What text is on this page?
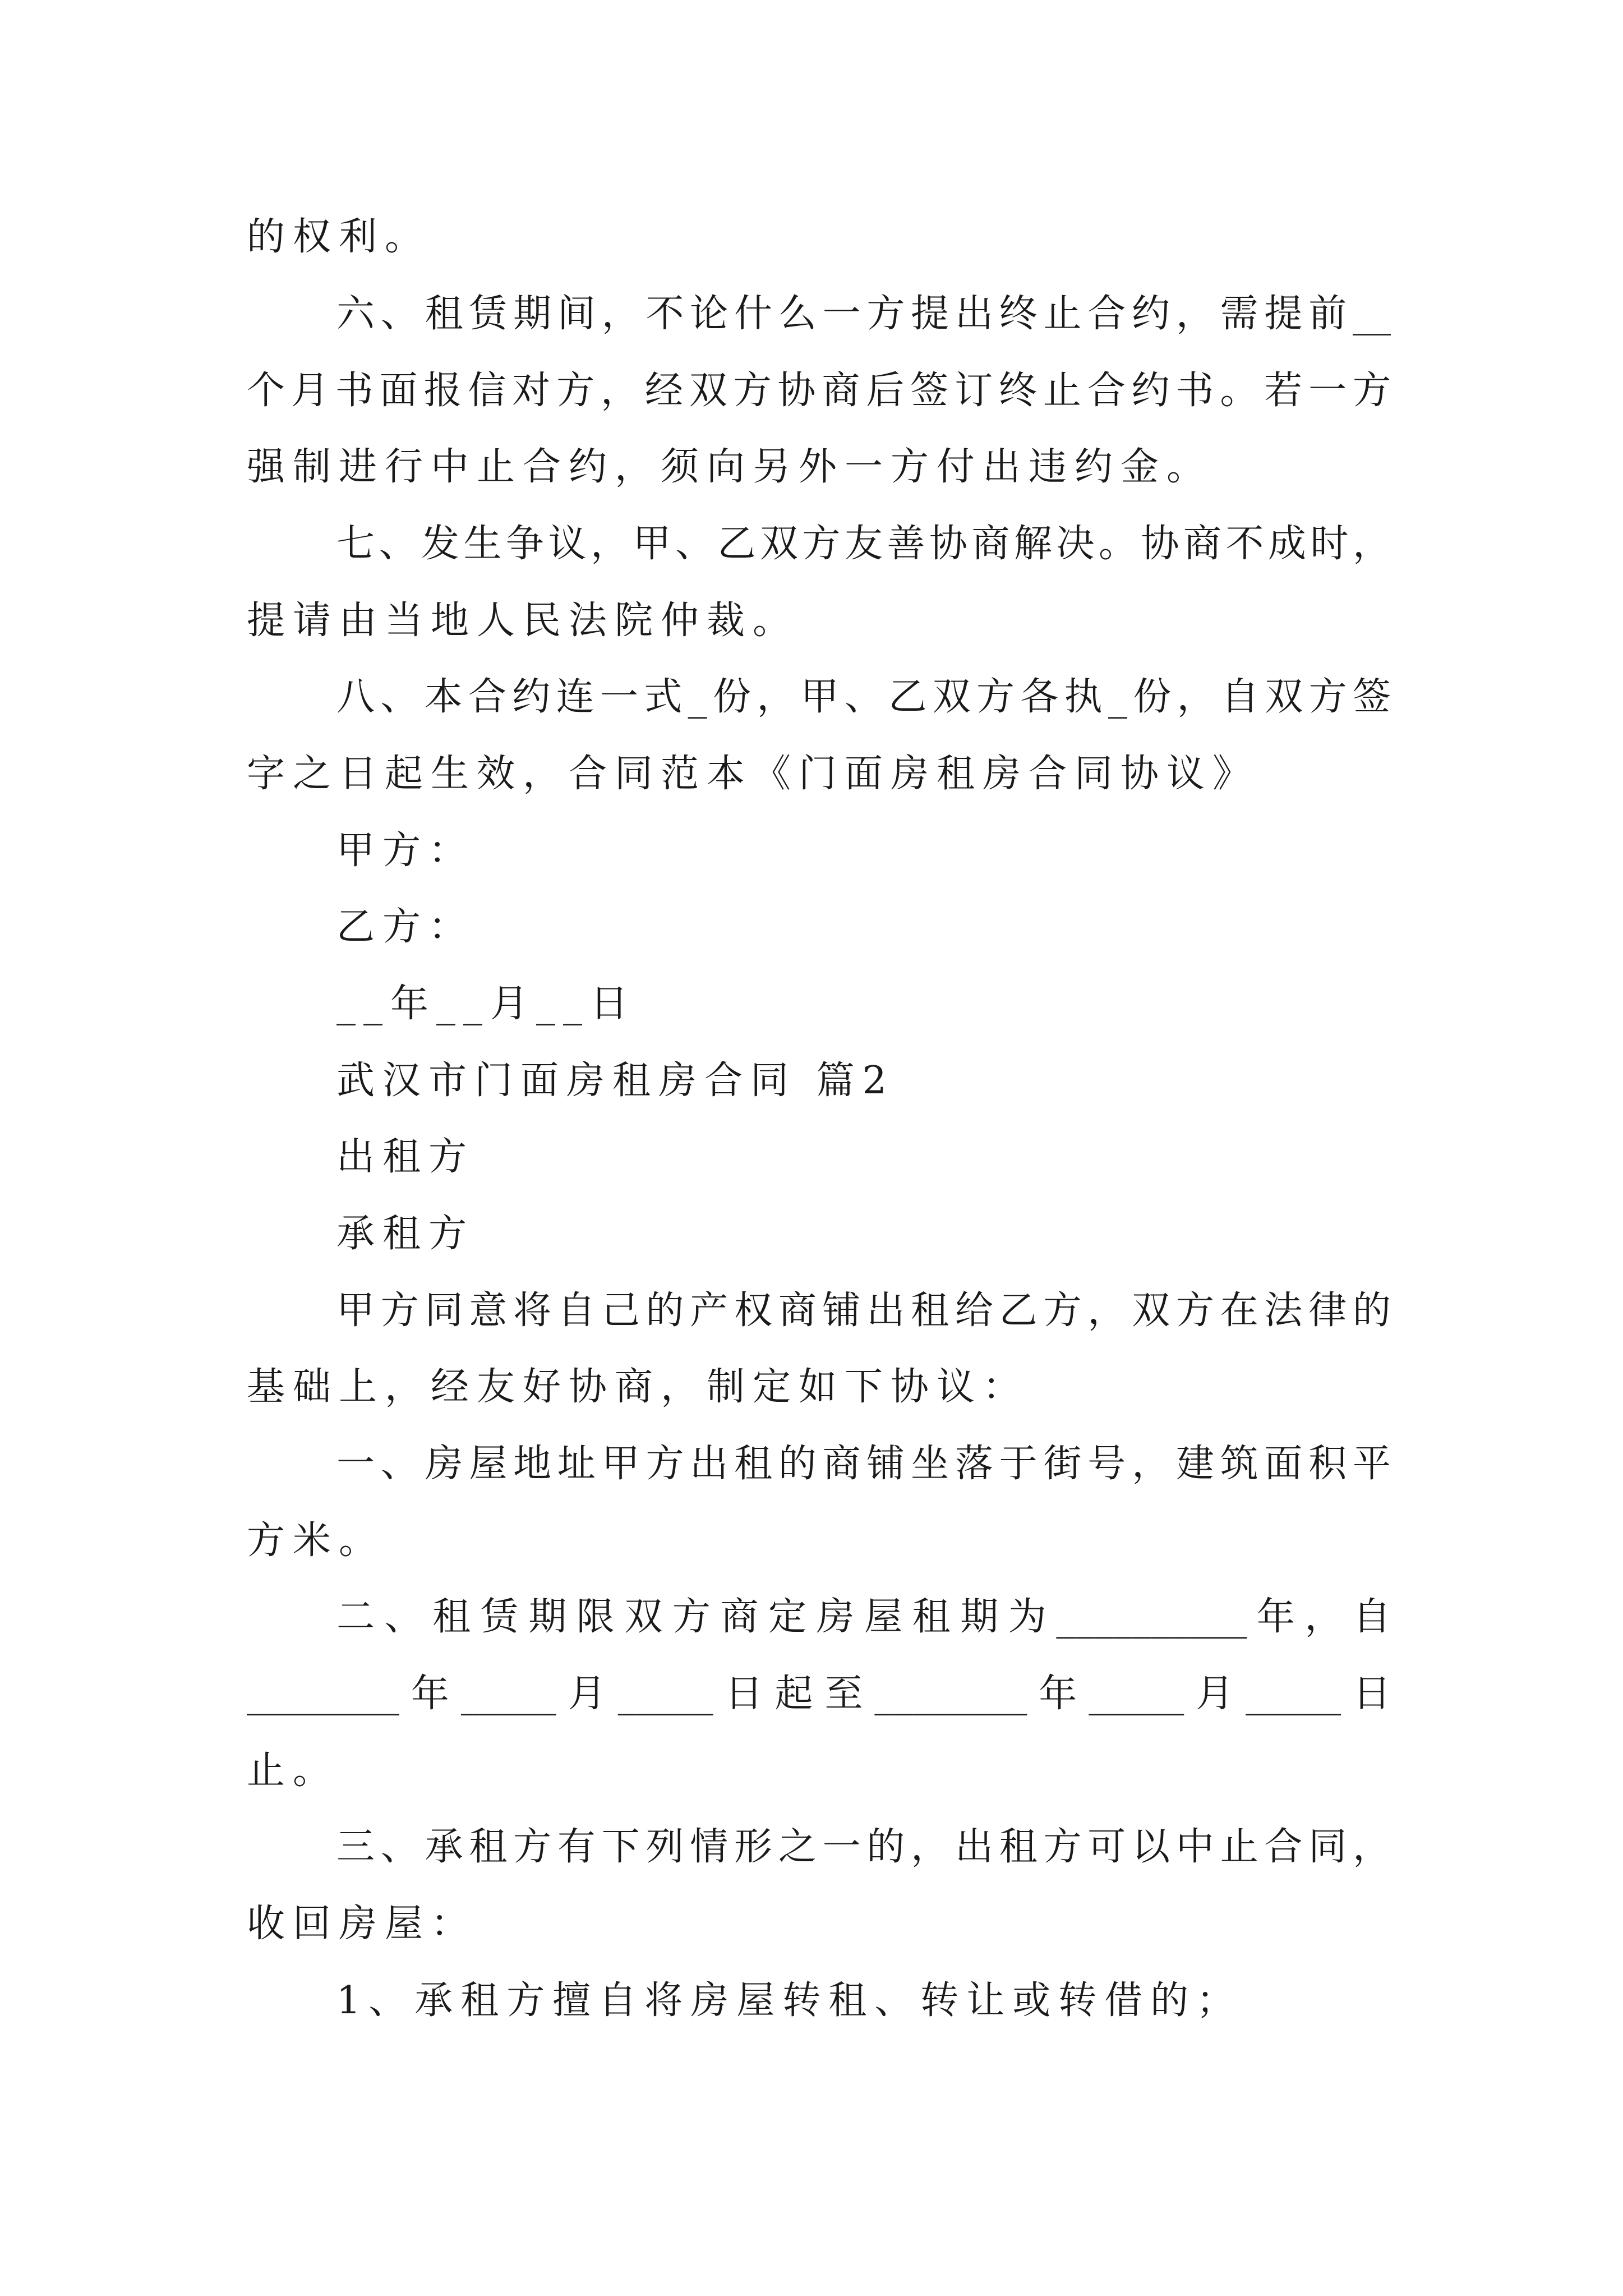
的权利。
六、租赁期间，不论什么一方提出终止合约，需提前__
个月书面报信对方，经双方协商后签订终止合约书。若一方
强制进行中止合约，须向另外一方付出违约金。
七、发生争议，甲、乙双方友善协商解决。协商不成时，
提请由当地人民法院仲裁。
八、本合约连一式_份，甲、乙双方各执_份，自双方签
字之日起生效，合同范本《门面房租房合同协议》
甲方：
乙方：
__年__月__日
武汉市门面房租房合同 篇2
出租方
承租方
甲方同意将自己的产权商铺出租给乙方，双方在法律的
基础上，经友好协商，制定如下协议：
一、房屋地址甲方出租的商铺坐落于街号，建筑面积平
方米。
二、租赁期限双方商定房屋租期为__________年，自
________年_____月_____日起至________年_____月_____日
止。
三、承租方有下列情形之一的，出租方可以中止合同，
收回房屋：
1、承租方擅自将房屋转租、转让或转借的；
